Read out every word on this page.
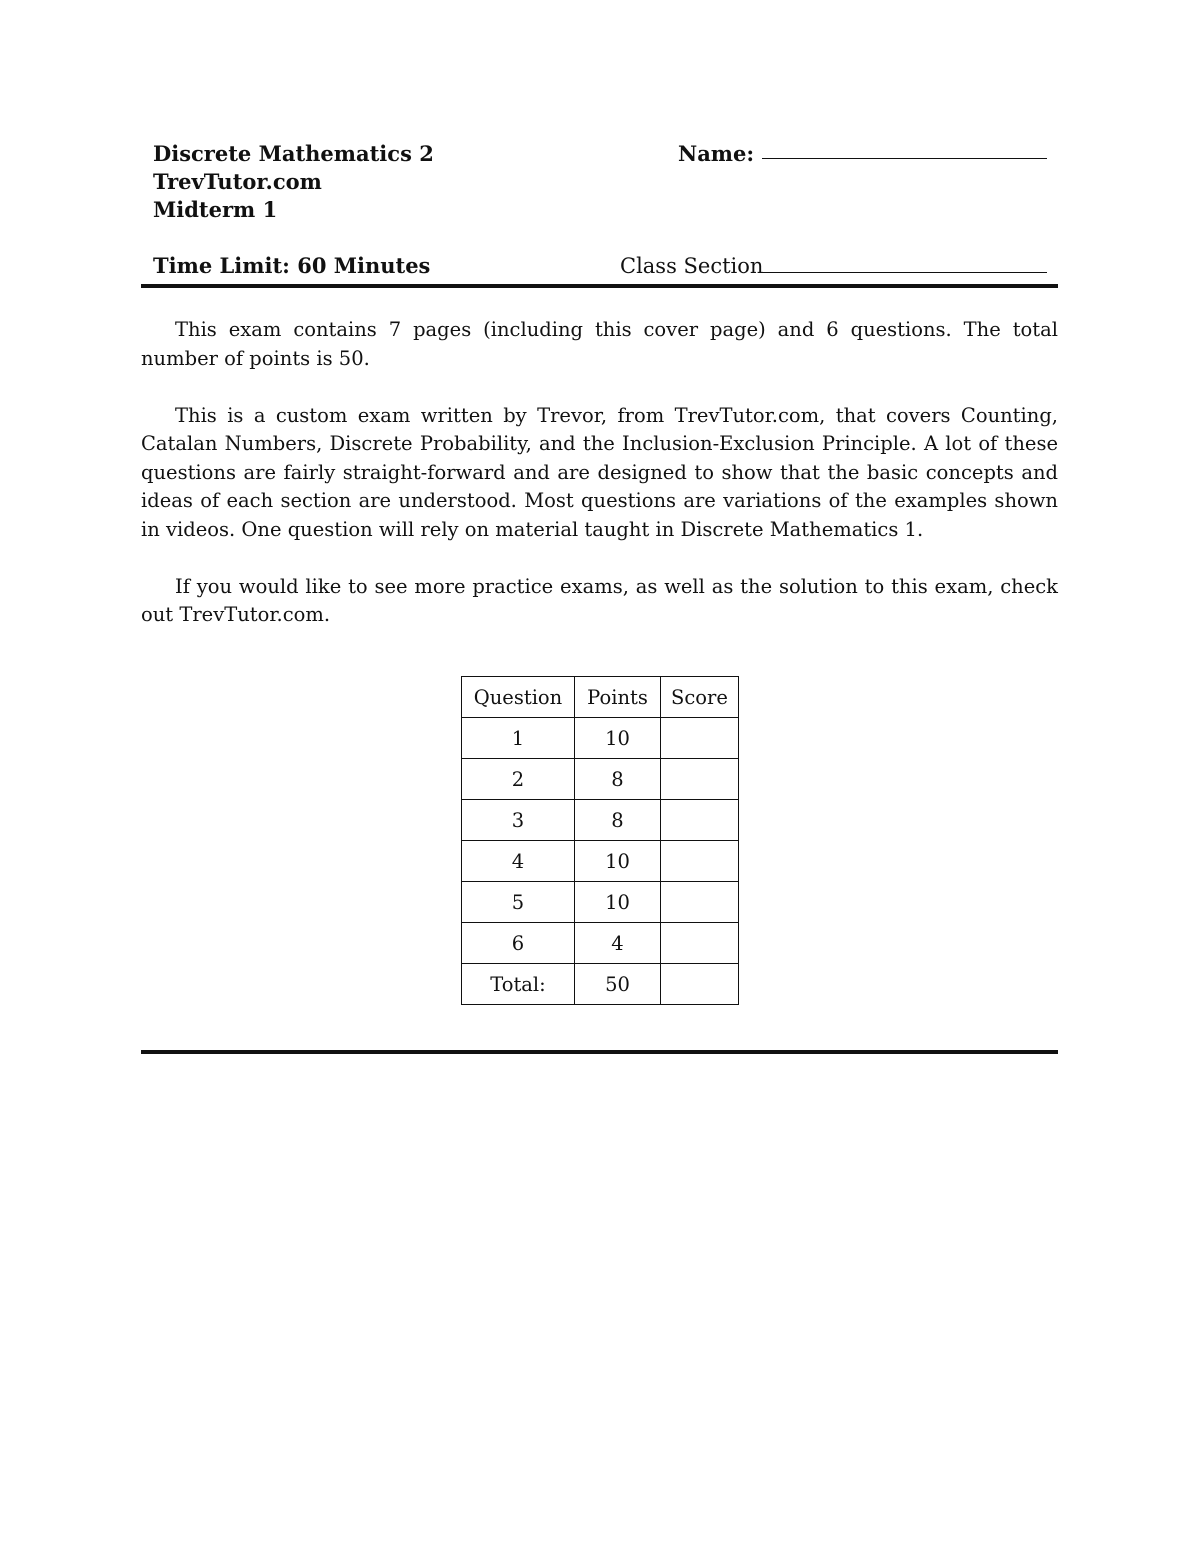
Discrete Mathematics 2
TrevTutor.com
Midterm 1
Name:
Time Limit: 60 Minutes	Class Section

This exam contains 7 pages (including this cover page) and 6 questions. The total number of points is 50.

This is a custom exam written by Trevor, from TrevTutor.com, that covers Counting, Catalan Numbers, Discrete Probability, and the Inclusion-Exclusion Principle. A lot of these questions are fairly straight-forward and are designed to show that the basic concepts and ideas of each section are understood. Most questions are variations of the examples shown in videos. One question will rely on material taught in Discrete Mathematics 1.

If you would like to see more practice exams, as well as the solution to this exam, check out TrevTutor.com.

Question	Points	Score
1	10	
2	8	
3	8	
4	10	
5	10	
6	4	
Total:	50	
